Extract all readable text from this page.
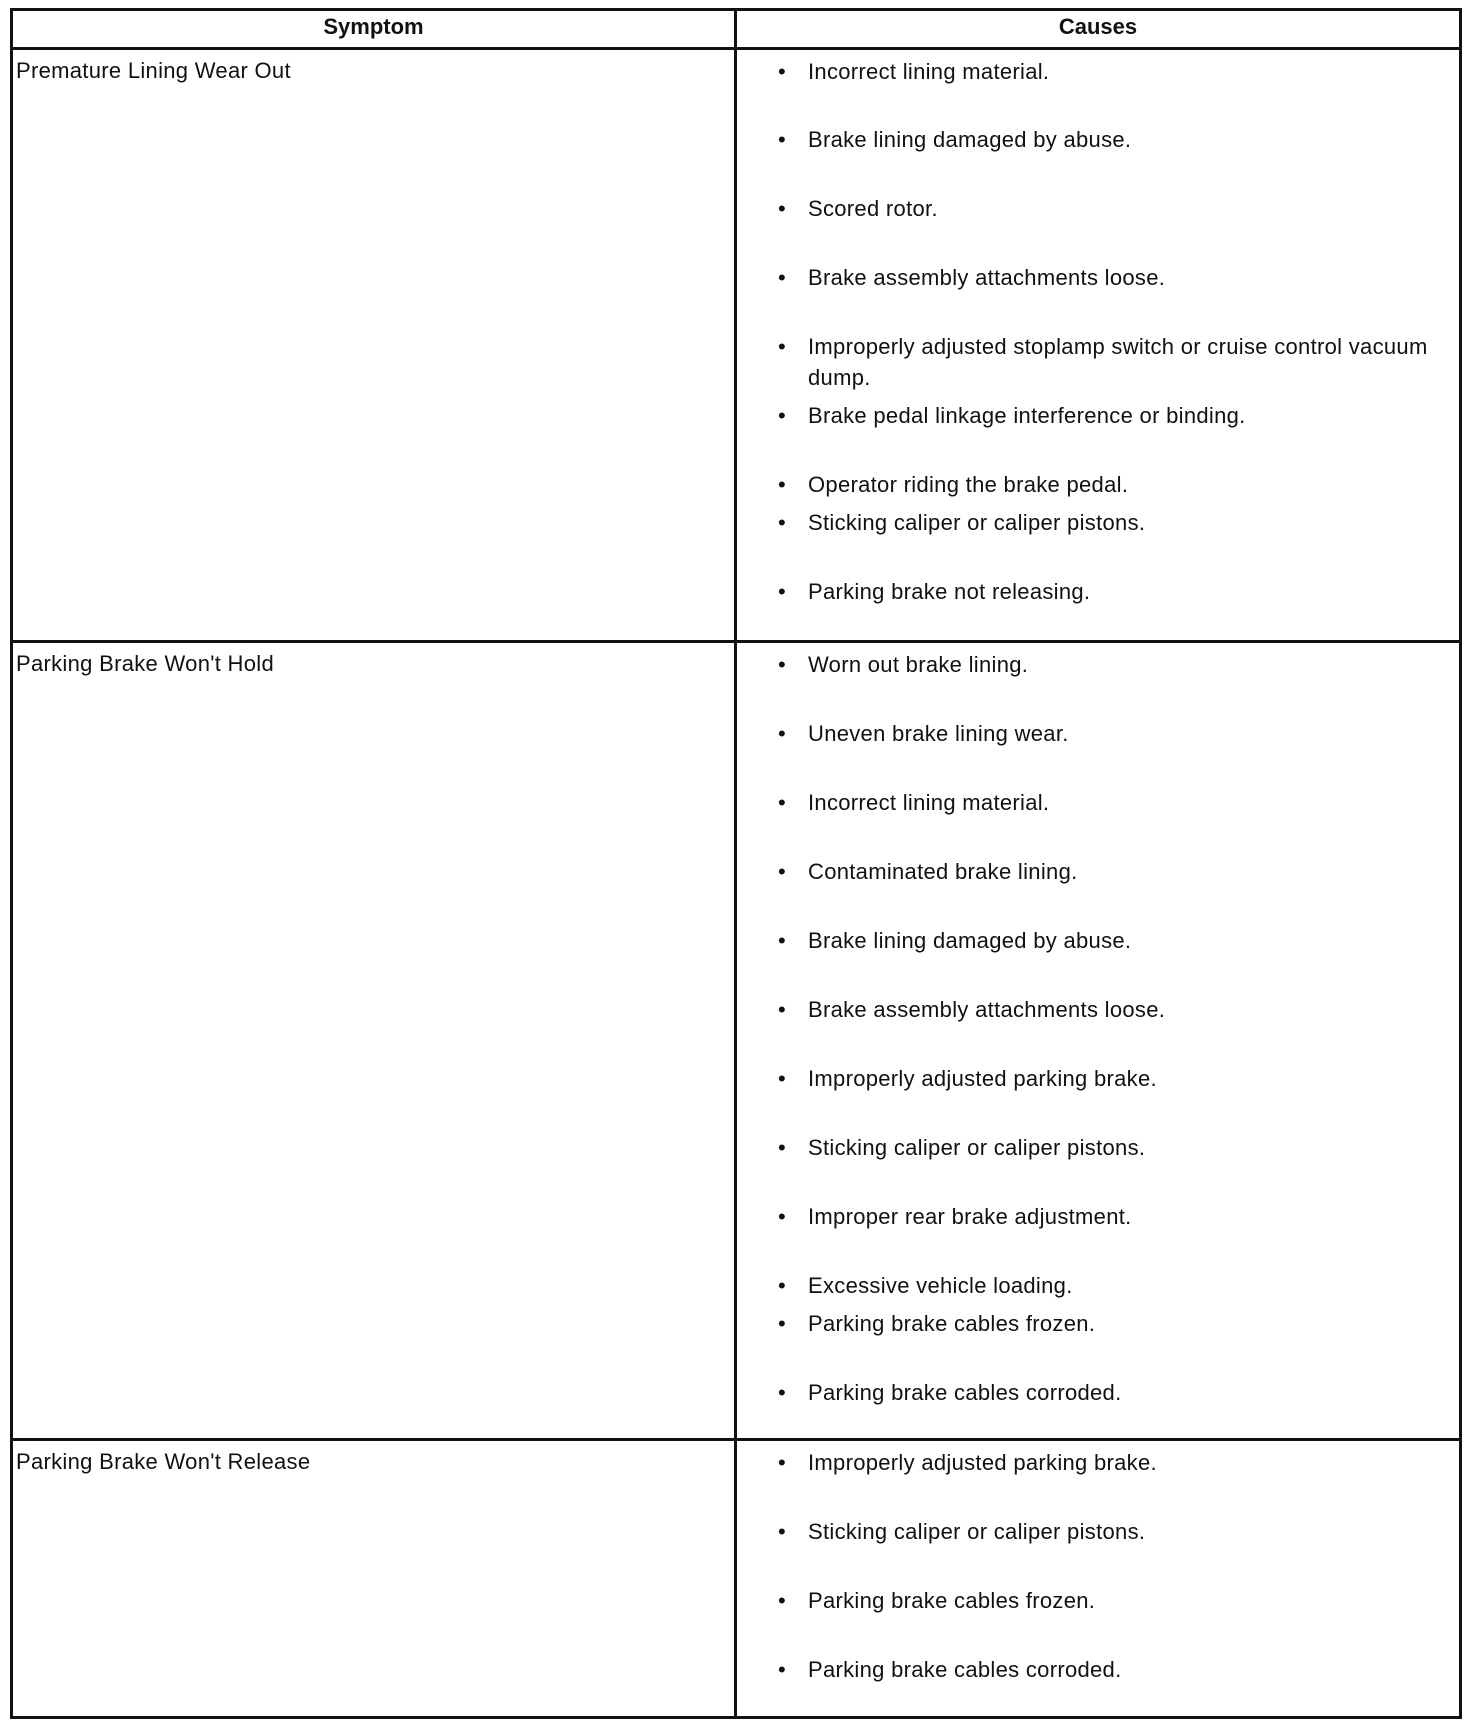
Symptom	Causes
Premature Lining Wear Out	• Incorrect lining material.
• Brake lining damaged by abuse.
• Scored rotor.
• Brake assembly attachments loose.
• Improperly adjusted stoplamp switch or cruise control vacuum dump.
• Brake pedal linkage interference or binding.
• Operator riding the brake pedal.
• Sticking caliper or caliper pistons.
• Parking brake not releasing.
Parking Brake Won't Hold	• Worn out brake lining.
• Uneven brake lining wear.
• Incorrect lining material.
• Contaminated brake lining.
• Brake lining damaged by abuse.
• Brake assembly attachments loose.
• Improperly adjusted parking brake.
• Sticking caliper or caliper pistons.
• Improper rear brake adjustment.
• Excessive vehicle loading.
• Parking brake cables frozen.
• Parking brake cables corroded.
Parking Brake Won't Release	• Improperly adjusted parking brake.
• Sticking caliper or caliper pistons.
• Parking brake cables frozen.
• Parking brake cables corroded.
